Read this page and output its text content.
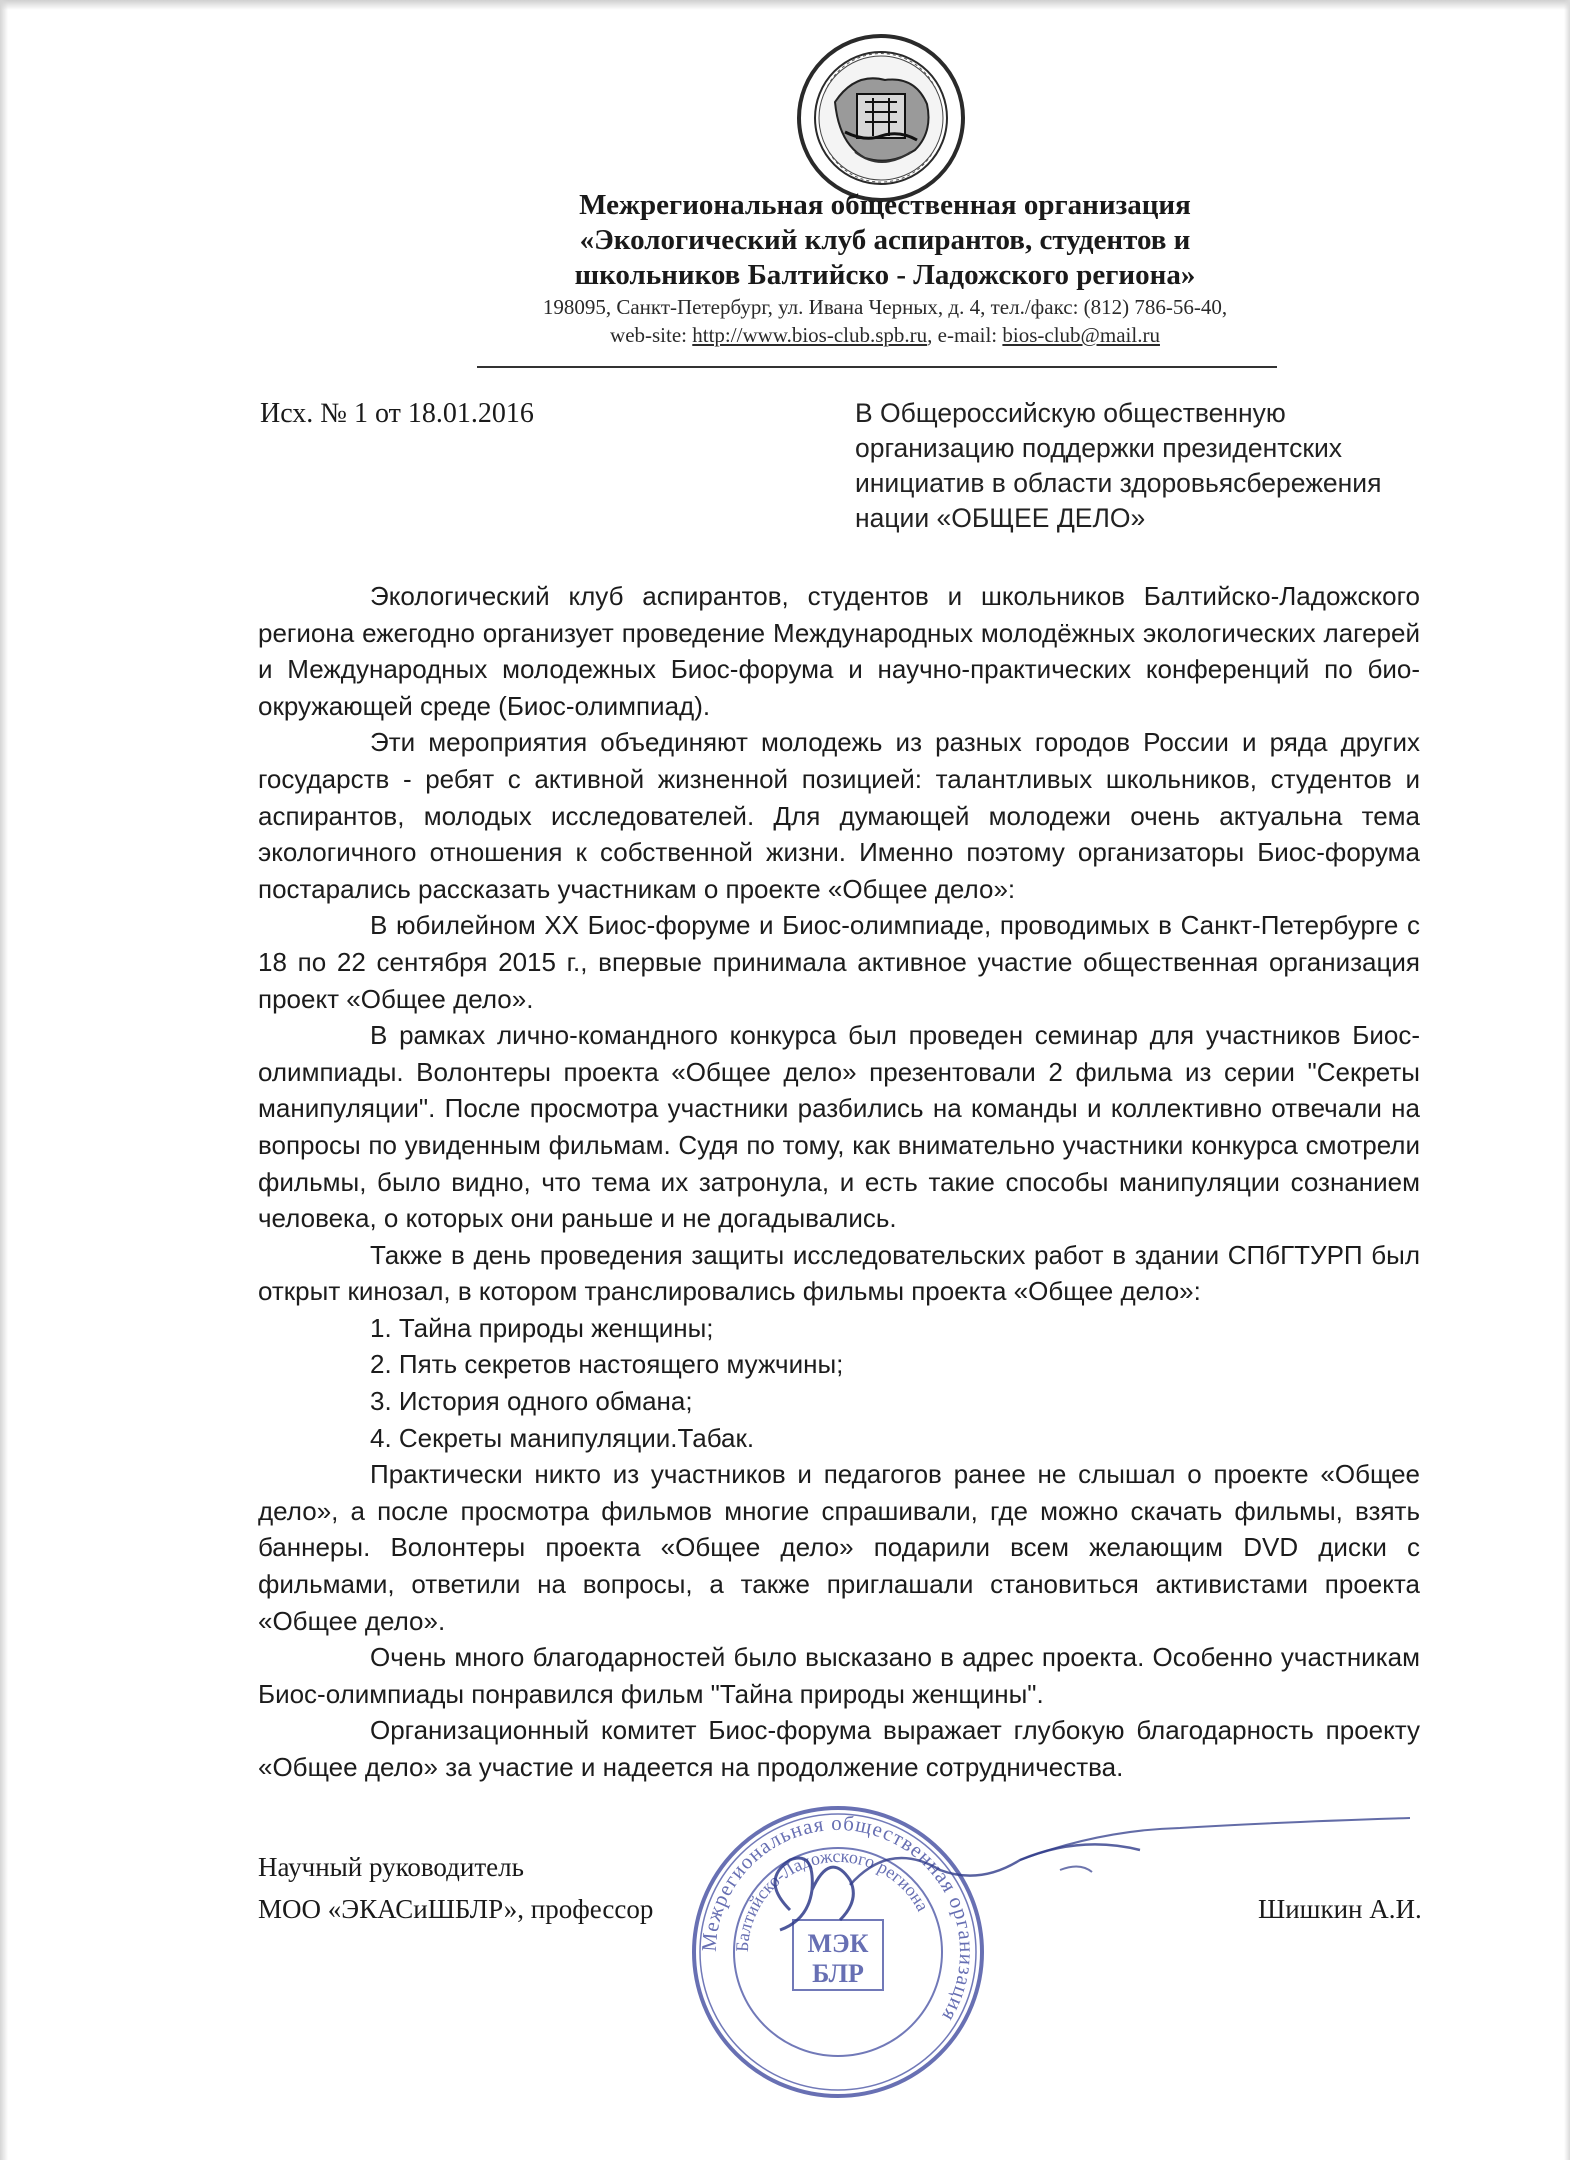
Межрегиональная общественная организация

«Экологический клуб аспирантов, студентов и

школьников Балтийско - Ладожского региона»

198095, Санкт-Петербург, ул. Ивана Черных, д. 4, тел./факс: (812) 786-56-40,

web-site: http://www.bios-club.spb.ru, e-mail: bios-club@mail.ru

Исх. № 1 от 18.01.2016	В Общероссийскую общественную

организацию поддержки президентских

инициатив в области здоровьясбережения

нации «ОБЩЕЕ ДЕЛО»

Экологический клуб аспирантов, студентов и школьников Балтийско-Ладожского региона ежегодно организует проведение Международных молодёжных экологических лагерей и Международных молодежных Биос-форума и научно-практических конференций по био-окружающей среде (Биос-олимпиад).

Эти мероприятия объединяют молодежь из разных городов России и ряда других государств - ребят с активной жизненной позицией: талантливых школьников, студентов и аспирантов, молодых исследователей. Для думающей молодежи очень актуальна тема экологичного отношения к собственной жизни. Именно поэтому организаторы Биос-форума постарались рассказать участникам о проекте «Общее дело»:

В юбилейном XX Биос-форуме и Биос-олимпиаде, проводимых в Санкт-Петербурге с 18 по 22 сентября 2015 г., впервые принимала активное участие общественная организация проект «Общее дело».

В рамках лично-командного конкурса был проведен семинар для участников Биос-олимпиады. Волонтеры проекта «Общее дело» презентовали 2 фильма из серии "Секреты манипуляции". После просмотра участники разбились на команды и коллективно отвечали на вопросы по увиденным фильмам. Судя по тому, как внимательно участники конкурса смотрели фильмы, было видно, что тема их затронула, и есть такие способы манипуляции сознанием человека, о которых они раньше и не догадывались.

Также в день проведения защиты исследовательских работ в здании СПбГТУРП был открыт кинозал, в котором транслировались фильмы проекта «Общее дело»:

1. Тайна природы женщины;

2. Пять секретов настоящего мужчины;

3. История одного обмана;

4. Секреты манипуляции.Табак.

Практически никто из участников и педагогов ранее не слышал о проекте «Общее дело», а после просмотра фильмов многие спрашивали, где можно скачать фильмы, взять баннеры. Волонтеры проекта «Общее дело» подарили всем желающим DVD диски с фильмами, ответили на вопросы, а также приглашали становиться активистами проекта «Общее дело».

Очень много благодарностей было высказано в адрес проекта. Особенно участникам Биос-олимпиады понравился фильм "Тайна природы женщины".

Организационный комитет Биос-форума выражает глубокую благодарность проекту «Общее дело» за участие и надеется на продолжение сотрудничества.

Научный руководитель

МОО «ЭКАСиШБЛР», профессор

Межрегиональная общественная организация
Балтийско-Ладожского региона
МЭК
БЛР

Шишкин А.И.
